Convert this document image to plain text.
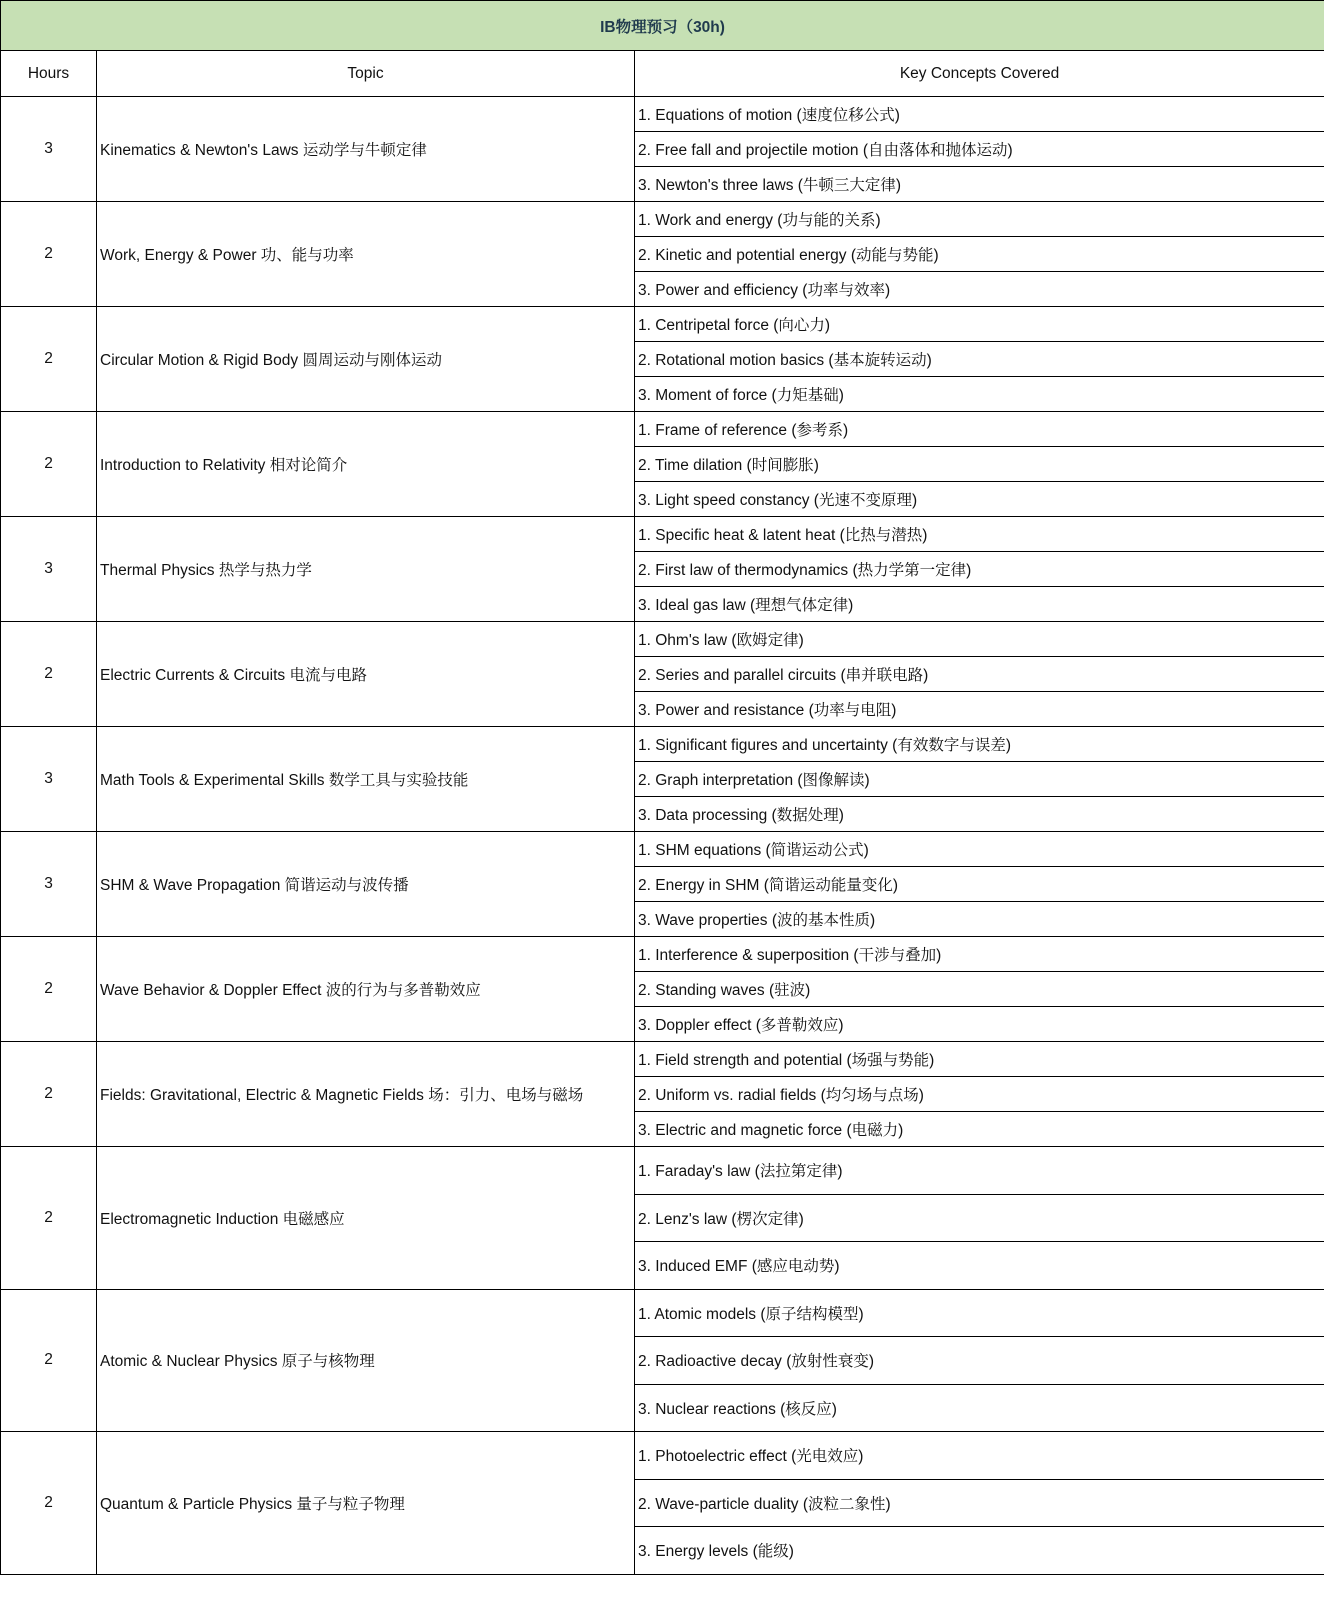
IB物理预习（30h)		
Hours	Topic	Key Concepts Covered
3	Kinematics & Newton's Laws 运动学与牛顿定律	1. Equations of motion (速度位移公式)
		2. Free fall and projectile motion (自由落体和抛体运动)
		3. Newton's three laws (牛顿三大定律)
2	Work, Energy & Power 功、能与功率	1. Work and energy (功与能的关系)
		2. Kinetic and potential energy (动能与势能)
		3. Power and efficiency (功率与效率)
2	Circular Motion & Rigid Body 圆周运动与刚体运动	1. Centripetal force (向心力)
		2. Rotational motion basics (基本旋转运动)
		3. Moment of force (力矩基础)
2	Introduction to Relativity 相对论简介	1. Frame of reference (参考系)
		2. Time dilation (时间膨胀)
		3. Light speed constancy (光速不变原理)
3	Thermal Physics 热学与热力学	1. Specific heat & latent heat (比热与潜热)
		2. First law of thermodynamics (热力学第一定律)
		3. Ideal gas law (理想气体定律)
2	Electric Currents & Circuits 电流与电路	1. Ohm's law (欧姆定律)
		2. Series and parallel circuits (串并联电路)
		3. Power and resistance (功率与电阻)
3	Math Tools & Experimental Skills 数学工具与实验技能	1. Significant figures and uncertainty (有效数字与误差)
		2. Graph interpretation (图像解读)
		3. Data processing (数据处理)
3	SHM & Wave Propagation 简谐运动与波传播	1. SHM equations (简谐运动公式)
		2. Energy in SHM (简谐运动能量变化)
		3. Wave properties (波的基本性质)
2	Wave Behavior & Doppler Effect 波的行为与多普勒效应	1. Interference & superposition (干涉与叠加)
		2. Standing waves (驻波)
		3. Doppler effect (多普勒效应)
2	Fields: Gravitational, Electric & Magnetic Fields 场：引力、电场与磁场	1. Field strength and potential (场强与势能)
		2. Uniform vs. radial fields (均匀场与点场)
		3. Electric and magnetic force (电磁力)
2	Electromagnetic Induction 电磁感应	1. Faraday's law (法拉第定律)
		2. Lenz's law (楞次定律)
		3. Induced EMF (感应电动势)
2	Atomic & Nuclear Physics 原子与核物理	1. Atomic models (原子结构模型)
		2. Radioactive decay (放射性衰变)
		3. Nuclear reactions (核反应)
2	Quantum & Particle Physics 量子与粒子物理	1. Photoelectric effect (光电效应)
		2. Wave-particle duality (波粒二象性)
		3. Energy levels (能级)
